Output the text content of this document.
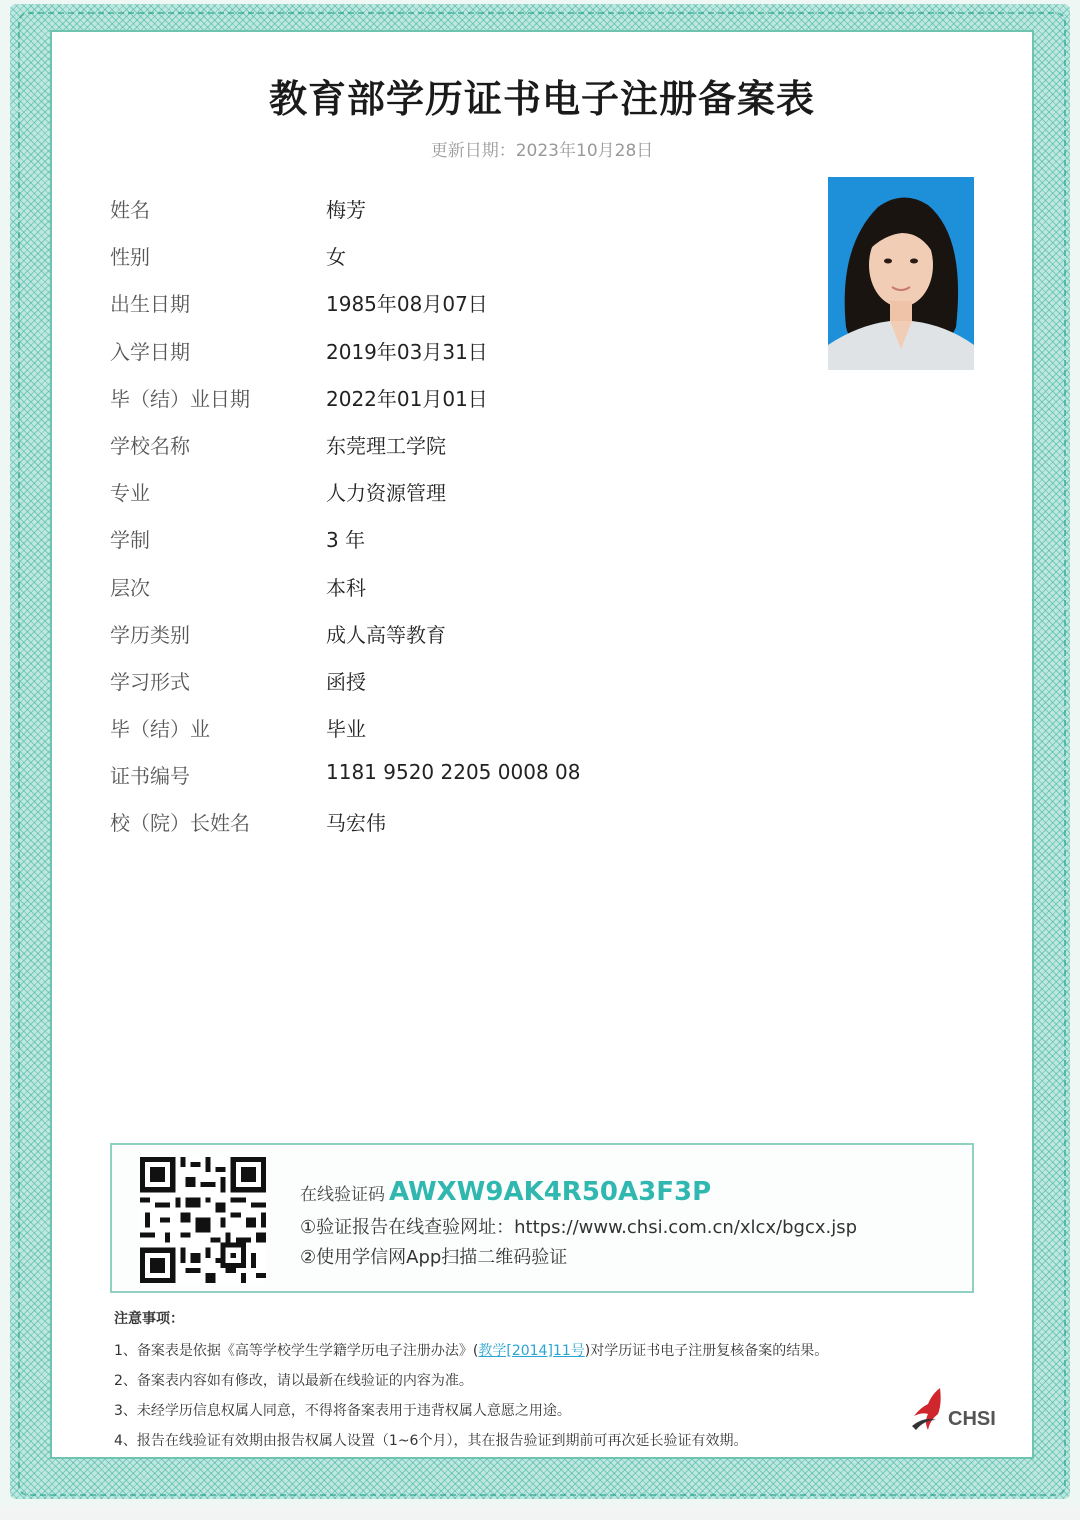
教育部学历证书电子注册备案表
更新日期：2023年10月28日
姓名	梅芳
性别	女
出生日期	1985年08月07日
入学日期	2019年03月31日
毕（结）业日期	2022年01月01日
学校名称	东莞理工学院
专业	人力资源管理
学制	3 年
层次	本科
学历类别	成人高等教育
学习形式	函授
毕（结）业	毕业
证书编号	1181 9520 2205 0008 08
校（院）长姓名	马宏伟
在线验证码 AWXW9AK4R50A3F3P
①验证报告在线查验网址：https://www.chsi.com.cn/xlcx/bgcx.jsp
②使用学信网App扫描二维码验证
注意事项：
1、备案表是依据《高等学校学生学籍学历电子注册办法》(教学[2014]11号)对学历证书电子注册复核备案的结果。
2、备案表内容如有修改，请以最新在线验证的内容为准。
3、未经学历信息权属人同意，不得将备案表用于违背权属人意愿之用途。
4、报告在线验证有效期由报告权属人设置（1~6个月），其在报告验证到期前可再次延长验证有效期。
CHSI
